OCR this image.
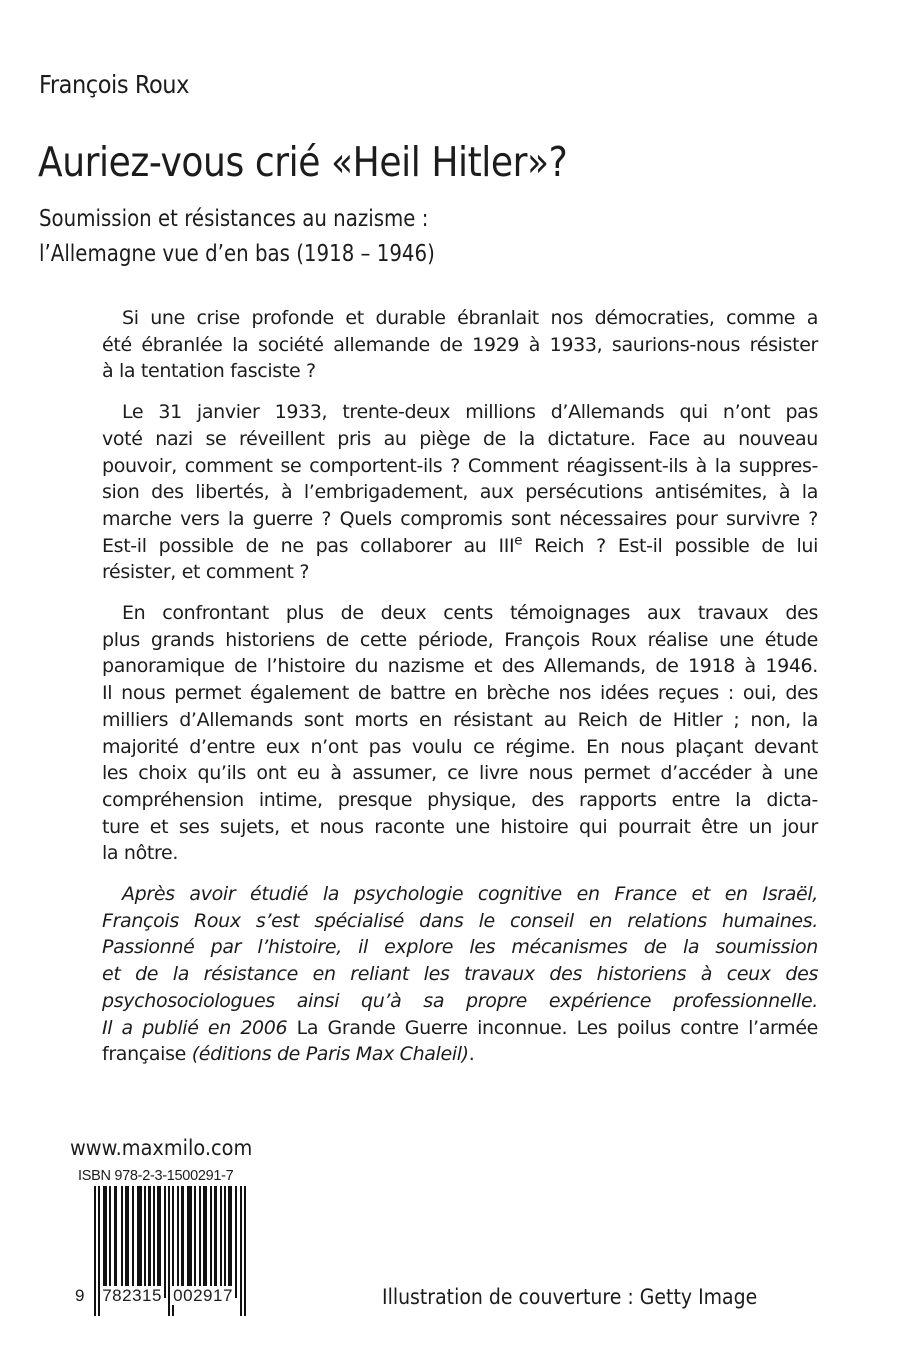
François Roux
Auriez-vous crié «Heil Hitler»?
Soumission et résistances au nazisme :
l’Allemagne vue d’en bas (1918 – 1946)
Si une crise profonde et durable ébranlait nos démocraties, comme a
été ébranlée la société allemande de 1929 à 1933, saurions-nous résister
à la tentation fasciste ?
Le 31 janvier 1933, trente-deux millions d’Allemands qui n’ont pas
voté nazi se réveillent pris au piège de la dictature. Face au nouveau
pouvoir, comment se comportent-ils ? Comment réagissent-ils à la suppres-
sion des libertés, à l’embrigadement, aux persécutions antisémites, à la
marche vers la guerre ? Quels compromis sont nécessaires pour survivre ?
Est-il possible de ne pas collaborer au IIIe Reich ? Est-il possible de lui
résister, et comment ?
En confrontant plus de deux cents témoignages aux travaux des
plus grands historiens de cette période, François Roux réalise une étude
panoramique de l’histoire du nazisme et des Allemands, de 1918 à 1946.
Il nous permet également de battre en brèche nos idées reçues : oui, des
milliers d’Allemands sont morts en résistant au Reich de Hitler ; non, la
majorité d’entre eux n’ont pas voulu ce régime. En nous plaçant devant
les choix qu’ils ont eu à assumer, ce livre nous permet d’accéder à une
compréhension intime, presque physique, des rapports entre la dicta-
ture et ses sujets, et nous raconte une histoire qui pourrait être un jour
la nôtre.
Après avoir étudié la psychologie cognitive en France et en Israël,
François Roux s’est spécialisé dans le conseil en relations humaines.
Passionné par l’histoire, il explore les mécanismes de la soumission
et de la résistance en reliant les travaux des historiens à ceux des
psychosociologues ainsi qu’à sa propre expérience professionnelle.
Il a publié en 2006 La Grande Guerre inconnue. Les poilus contre l’armée
française (éditions de Paris Max Chaleil).
www.maxmilo.com
ISBN 978-2-3-1500291-7
9 782315 002917	Illustration de couverture : Getty Image
